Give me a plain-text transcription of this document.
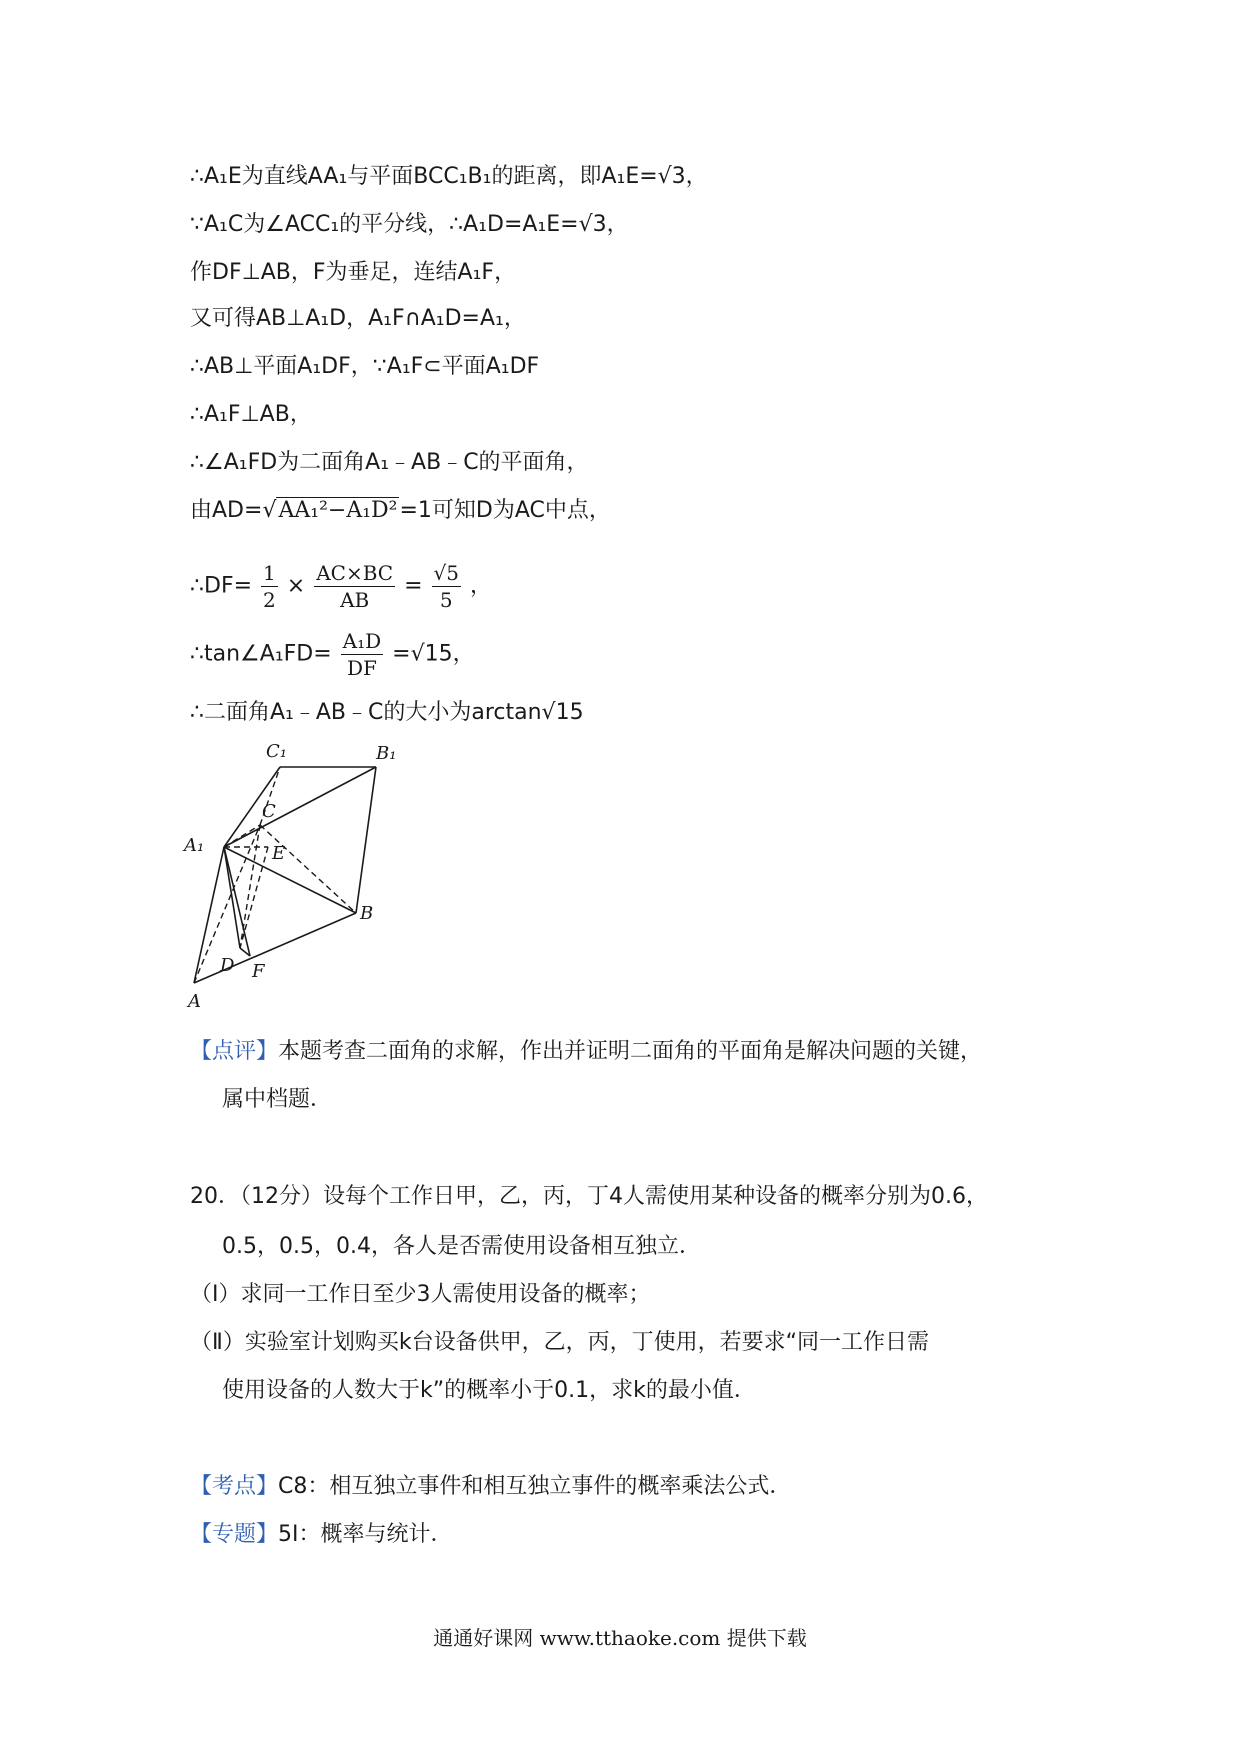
∴A₁E为直线AA₁与平面BCC₁B₁的距离，即A₁E=√3，
∵A₁C为∠ACC₁的平分线，∴A₁D=A₁E=√3，
作DF⊥AB，F为垂足，连结A₁F，
又可得AB⊥A₁D，A₁F∩A₁D=A₁，
∴AB⊥平面A₁DF，∵A₁F⊂平面A₁DF
∴A₁F⊥AB，
∴∠A₁FD为二面角A₁﹣AB﹣C的平面角，
由AD=√AA₁²−A₁D²=1可知D为AC中点，
∴DF= $\frac{1}{2} \times \frac{AC\times BC}{AB} = \frac{√5}{5}$ ，
∴tan∠A₁FD= $\frac{\text{A₁D}}{DF} =√15$，
∴二面角A₁﹣AB﹣C的大小为arctan√15
C₁	B₁
A₁	E
C
B
D F
A
【点评】本题考查二面角的求解，作出并证明二面角的平面角是解决问题的关键，
属中档题．
20．（12分）设每个工作日甲，乙，丙，丁4人需使用某种设备的概率分别为0.6，
0.5，0.5，0.4，各人是否需使用设备相互独立．
（Ⅰ）求同一工作日至少3人需使用设备的概率；
（Ⅱ）实验室计划购买k台设备供甲，乙，丙，丁使用，若要求“同一工作日需
使用设备的人数大于k”的概率小于0.1，求k的最小值．
【考点】C8：相互独立事件和相互独立事件的概率乘法公式．
【专题】5I：概率与统计．
通通好课网 www.tthaoke.com 提供下载
